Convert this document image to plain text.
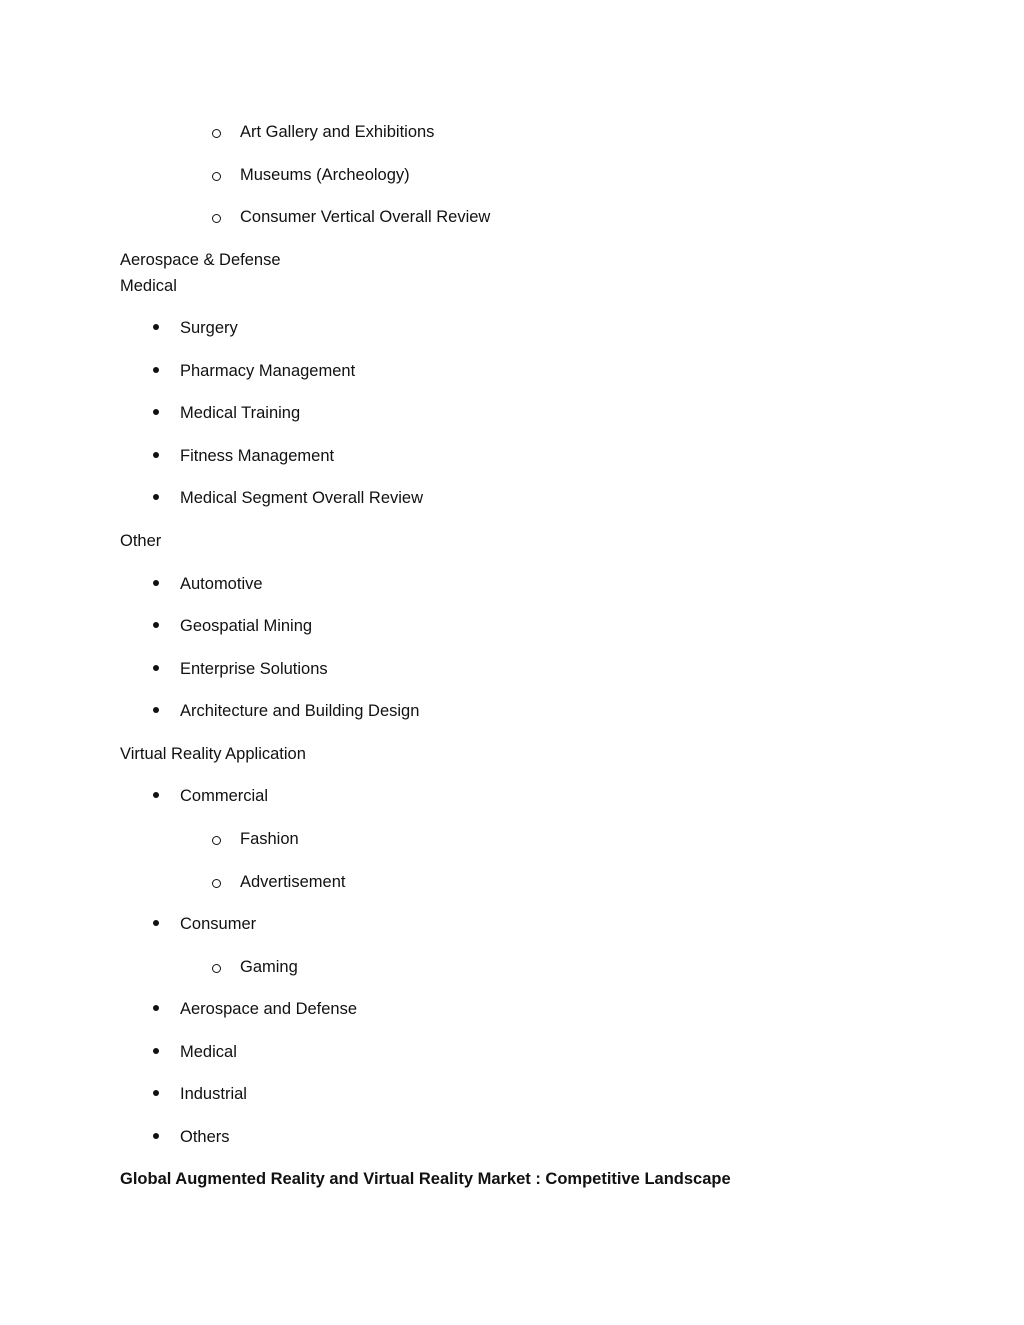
Art Gallery and Exhibitions
Museums (Archeology)
Consumer Vertical Overall Review
Aerospace & Defense
Medical
Surgery
Pharmacy Management
Medical Training
Fitness Management
Medical Segment Overall Review
Other
Automotive
Geospatial Mining
Enterprise Solutions
Architecture and Building Design
Virtual Reality Application
Commercial
Fashion
Advertisement
Consumer
Gaming
Aerospace and Defense
Medical
Industrial
Others
Global Augmented Reality and Virtual Reality Market : Competitive Landscape
